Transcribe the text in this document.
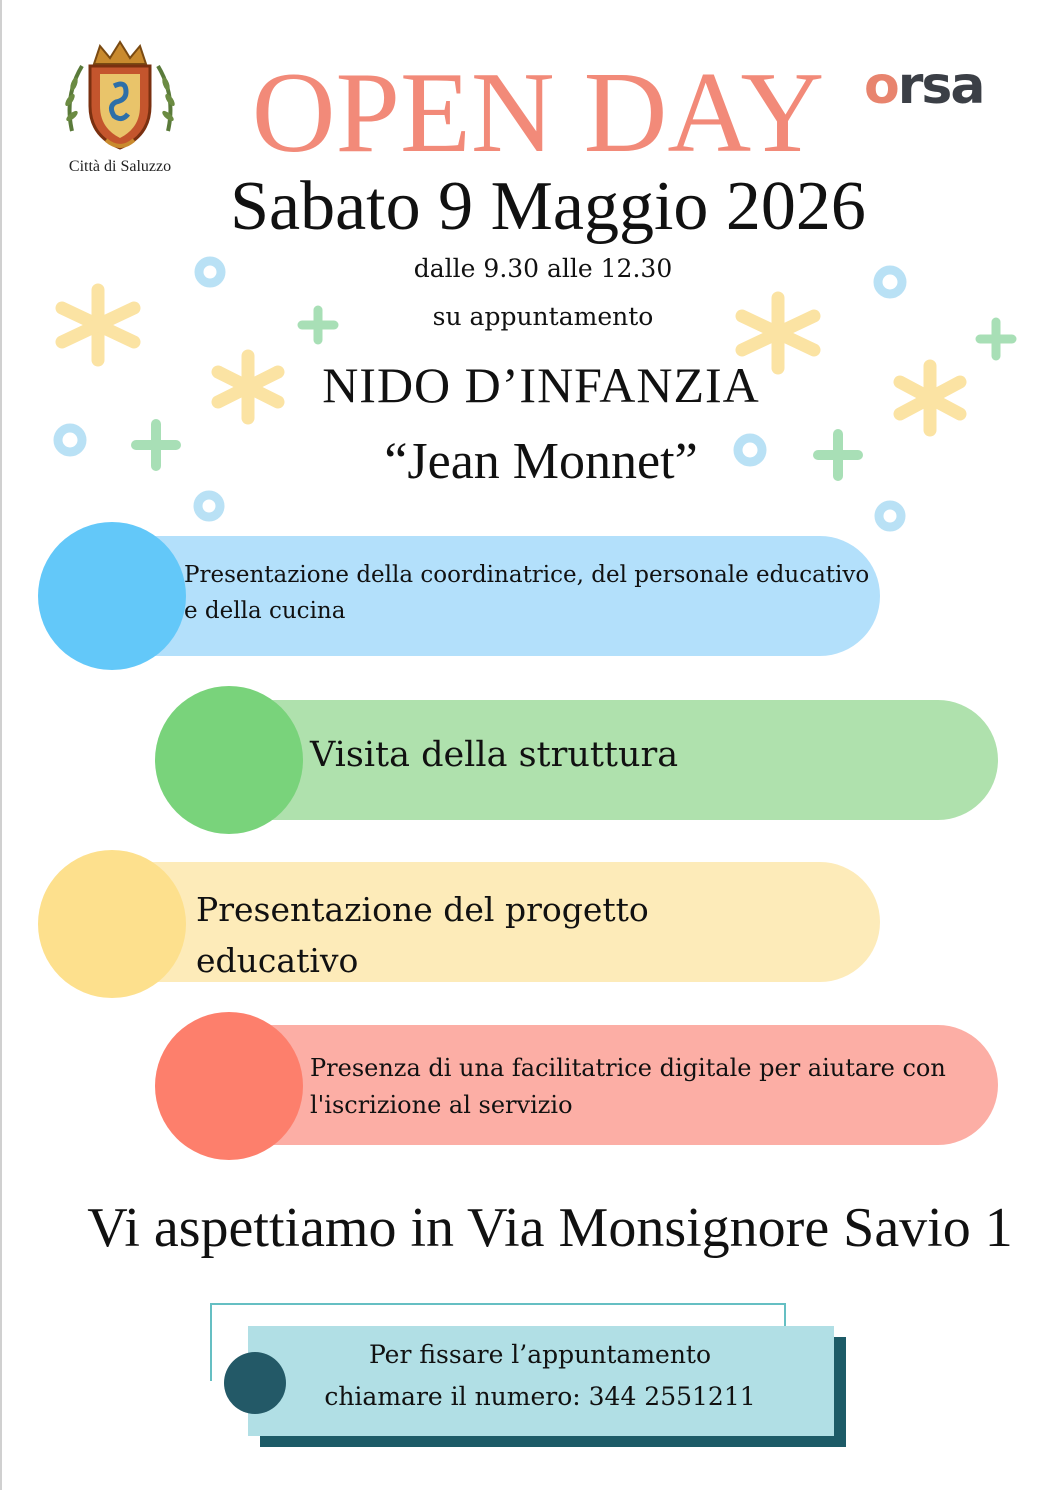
Città di Saluzzo
orsa
OPEN DAY
Sabato 9 Maggio 2026
dalle 9.30 alle 12.30
su appuntamento
NIDO D’INFANZIA
“Jean Monnet”
Presentazione della coordinatrice, del personale educativo e della cucina
Visita della struttura
Presentazione del progetto educativo
Presenza di una facilitatrice digitale per aiutare con l'iscrizione al servizio
Vi aspettiamo in Via Monsignore Savio 1
Per fissare l’appuntamento
chiamare il numero: 344 2551211
